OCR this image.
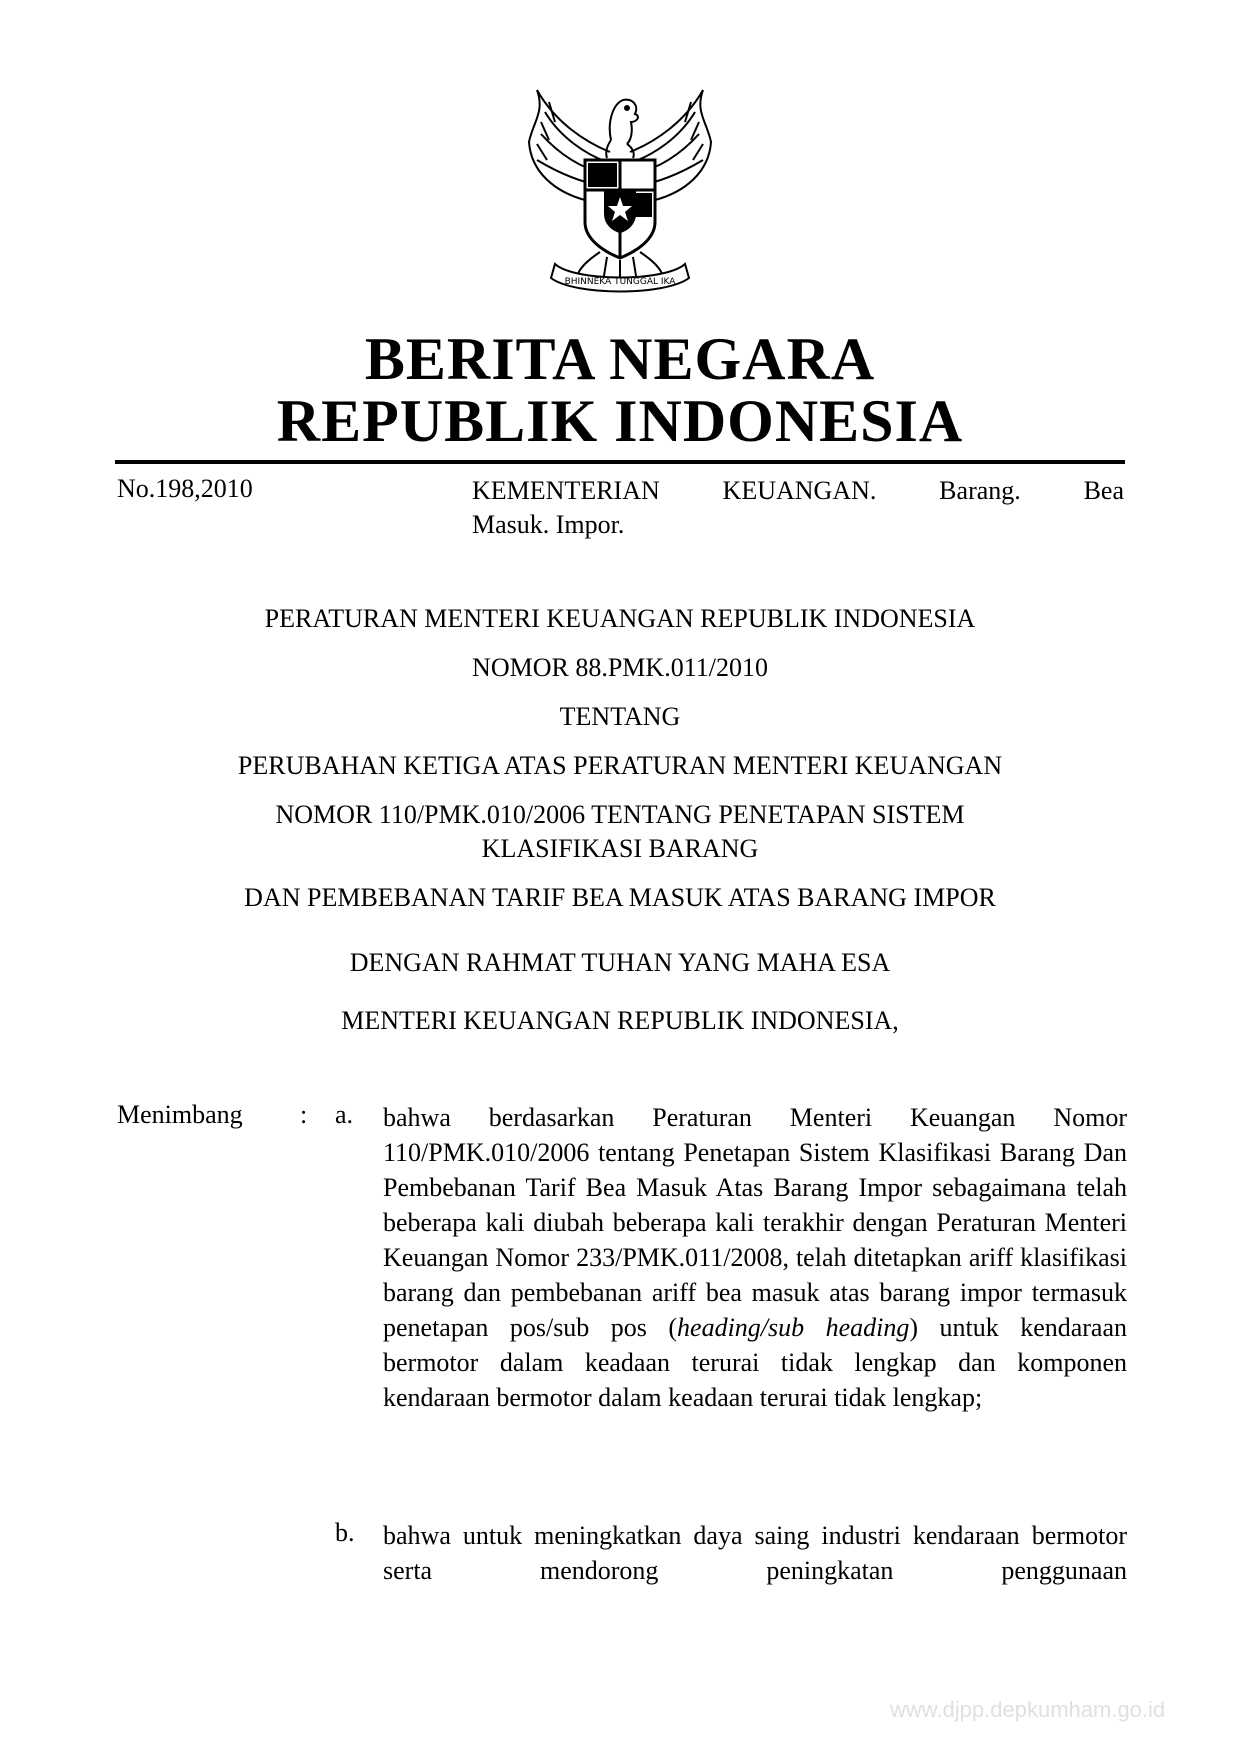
BHINNEKA TUNGGAL IKA
BERITA NEGARA
REPUBLIK INDONESIA
No.198,2010	KEMENTERIAN KEUANGAN. Barang. Bea
Masuk. Impor.
PERATURAN MENTERI KEUANGAN REPUBLIK INDONESIA
NOMOR 88.PMK.011/2010
TENTANG
PERUBAHAN KETIGA ATAS PERATURAN MENTERI KEUANGAN
NOMOR 110/PMK.010/2006 TENTANG PENETAPAN SISTEM
KLASIFIKASI BARANG
DAN PEMBEBANAN TARIF BEA MASUK ATAS BARANG IMPOR
DENGAN RAHMAT TUHAN YANG MAHA ESA
MENTERI KEUANGAN REPUBLIK INDONESIA,
Menimbang : a. bahwa berdasarkan Peraturan Menteri Keuangan Nomor 110/PMK.010/2006 tentang Penetapan Sistem Klasifikasi Barang Dan Pembebanan Tarif Bea Masuk Atas Barang Impor sebagaimana telah beberapa kali diubah beberapa kali terakhir dengan Peraturan Menteri Keuangan Nomor 233/PMK.011/2008, telah ditetapkan ariff klasifikasi barang dan pembebanan ariff bea masuk atas barang impor termasuk penetapan pos/sub pos (heading/sub heading) untuk kendaraan bermotor dalam keadaan terurai tidak lengkap dan komponen kendaraan bermotor dalam keadaan terurai tidak lengkap;
b. bahwa untuk meningkatkan daya saing industri kendaraan bermotor serta mendorong peningkatan penggunaan
www.djpp.depkumham.go.id
